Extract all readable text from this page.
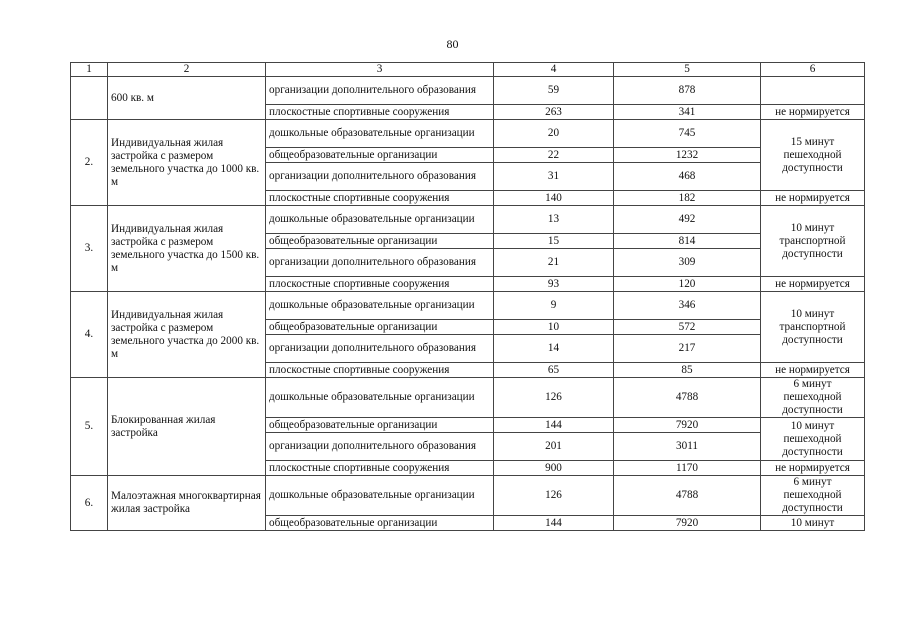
80
1	2	3	4	5	6
	600 кв. м	организации дополнительного образования	59	878	
		плоскостные спортивные сооружения	263	341	не нормируется
2.	Индивидуальная жилая застройка с размером земельного участка до 1000 кв. м	дошкольные образовательные организации	20	745	15 минут пешеходной доступности
		общеобразовательные организации	22	1232	
		организации дополнительного образования	31	468	
		плоскостные спортивные сооружения	140	182	не нормируется
3.	Индивидуальная жилая застройка с размером земельного участка до 1500 кв. м	дошкольные образовательные организации	13	492	10 минут транспортной доступности
		общеобразовательные организации	15	814	
		организации дополнительного образования	21	309	
		плоскостные спортивные сооружения	93	120	не нормируется
4.	Индивидуальная жилая застройка с размером земельного участка до 2000 кв. м	дошкольные образовательные организации	9	346	10 минут транспортной доступности
		общеобразовательные организации	10	572	
		организации дополнительного образования	14	217	
		плоскостные спортивные сооружения	65	85	не нормируется
5.	Блокированная жилая застройка	дошкольные образовательные организации	126	4788	6 минут пешеходной доступности
		общеобразовательные организации	144	7920	10 минут пешеходной доступности
		организации дополнительного образования	201	3011	
		плоскостные спортивные сооружения	900	1170	не нормируется
6.	Малоэтажная многоквартирная жилая застройка	дошкольные образовательные организации	126	4788	6 минут пешеходной доступности
		общеобразовательные организации	144	7920	10 минут
